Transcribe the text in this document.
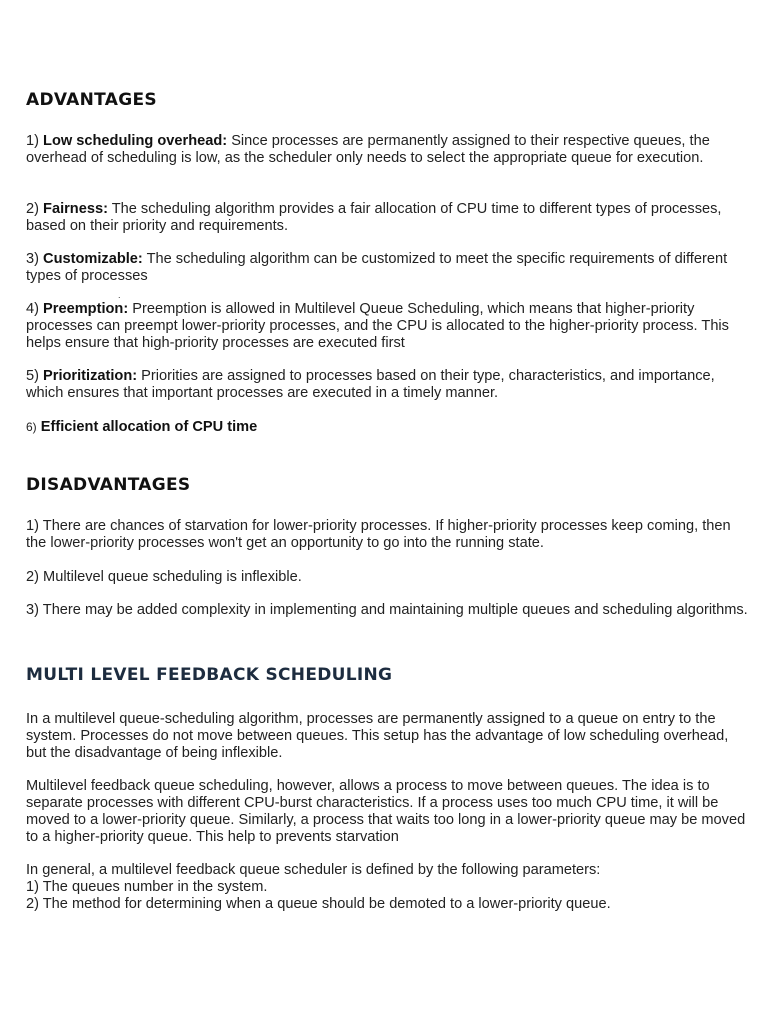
ADVANTAGES

1) Low scheduling overhead: Since processes are permanently assigned to their respective queues, the overhead of scheduling is low, as the scheduler only needs to select the appropriate queue for execution.

2) Fairness: The scheduling algorithm provides a fair allocation of CPU time to different types of processes, based on their priority and requirements.

3) Customizable: The scheduling algorithm can be customized to meet the specific requirements of different types of processes

.

4) Preemption: Preemption is allowed in Multilevel Queue Scheduling, which means that higher-priority processes can preempt lower-priority processes, and the CPU is allocated to the higher-priority process. This helps ensure that high-priority processes are executed first

5) Prioritization: Priorities are assigned to processes based on their type, characteristics, and importance, which ensures that important processes are executed in a timely manner.

6) Efficient allocation of CPU time

DISADVANTAGES

1) There are chances of starvation for lower-priority processes. If higher-priority processes keep coming, then the lower-priority processes won't get an opportunity to go into the running state.

2) Multilevel queue scheduling is inflexible.

3) There may be added complexity in implementing and maintaining multiple queues and scheduling algorithms.

MULTI LEVEL FEEDBACK SCHEDULING

In a multilevel queue-scheduling algorithm, processes are permanently assigned to a queue on entry to the system. Processes do not move between queues. This setup has the advantage of low scheduling overhead, but the disadvantage of being inflexible.

Multilevel feedback queue scheduling, however, allows a process to move between queues. The idea is to separate processes with different CPU-burst characteristics. If a process uses too much CPU time, it will be moved to a lower-priority queue. Similarly, a process that waits too long in a lower-priority queue may be moved to a higher-priority queue. This help to prevents starvation

In general, a multilevel feedback queue scheduler is defined by the following parameters:
1) The queues number in the system.
2) The method for determining when a queue should be demoted to a lower-priority queue.
